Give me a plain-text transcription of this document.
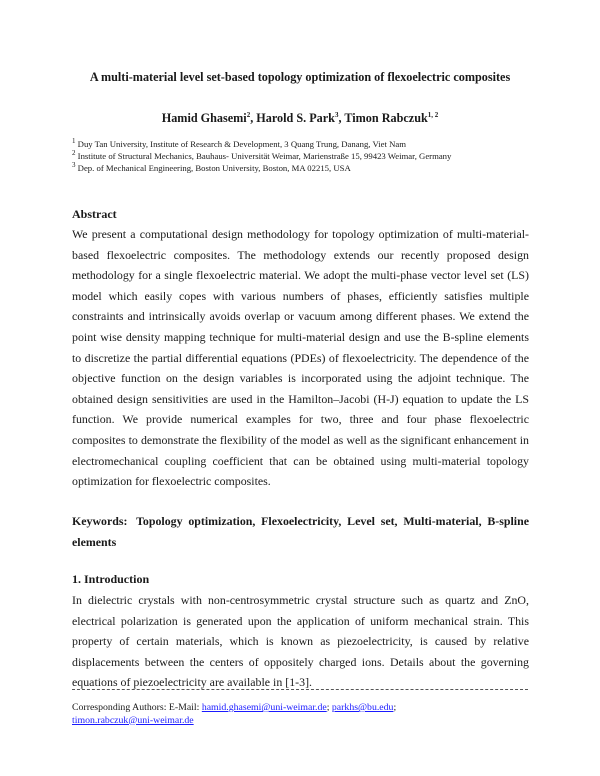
A multi-material level set-based topology optimization of flexoelectric composites
Hamid Ghasemi$^2$, Harold S. Park$^3$, Timon Rabczuk$^{1, 2}$
$^1$ Duy Tan University, Institute of Research & Development, 3 Quang Trung, Danang, Viet Nam
$^2$ Institute of Structural Mechanics, Bauhaus- Universität Weimar, Marienstraße 15, 99423 Weimar, Germany
$^3$ Dep. of Mechanical Engineering, Boston University, Boston, MA 02215, USA
Abstract
We present a computational design methodology for topology optimization of multi-material-based flexoelectric composites. The methodology extends our recently proposed design methodology for a single flexoelectric material. We adopt the multi-phase vector level set (LS) model which easily copes with various numbers of phases, efficiently satisfies multiple constraints and intrinsically avoids overlap or vacuum among different phases. We extend the point wise density mapping technique for multi-material design and use the B-spline elements to discretize the partial differential equations (PDEs) of flexoelectricity. The dependence of the objective function on the design variables is incorporated using the adjoint technique. The obtained design sensitivities are used in the Hamilton–Jacobi (H-J) equation to update the LS function. We provide numerical examples for two, three and four phase flexoelectric composites to demonstrate the flexibility of the model as well as the significant enhancement in electromechanical coupling coefficient that can be obtained using multi-material topology optimization for flexoelectric composites.
Keywords: Topology optimization, Flexoelectricity, Level set, Multi-material, B-spline elements
1. Introduction
In dielectric crystals with non-centrosymmetric crystal structure such as quartz and ZnO, electrical polarization is generated upon the application of uniform mechanical strain. This property of certain materials, which is known as piezoelectricity, is caused by relative displacements between the centers of oppositely charged ions. Details about the governing equations of piezoelectricity are available in [1-3].
Corresponding Authors: E-Mail: hamid.ghasemi@uni-weimar.de; parkhs@bu.edu;
timon.rabczuk@uni-weimar.de
